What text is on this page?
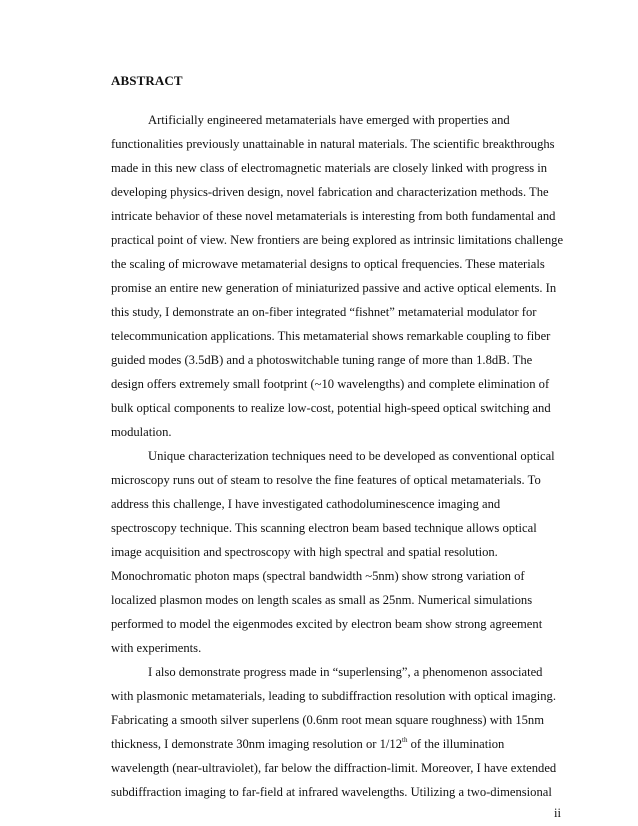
ABSTRACT
Artificially engineered metamaterials have emerged with properties and
functionalities previously unattainable in natural materials. The scientific breakthroughs
made in this new class of electromagnetic materials are closely linked with progress in
developing physics-driven design, novel fabrication and characterization methods. The
intricate behavior of these novel metamaterials is interesting from both fundamental and
practical point of view. New frontiers are being explored as intrinsic limitations challenge
the scaling of microwave metamaterial designs to optical frequencies. These materials
promise an entire new generation of miniaturized passive and active optical elements. In
this study, I demonstrate an on-fiber integrated “fishnet” metamaterial modulator for
telecommunication applications. This metamaterial shows remarkable coupling to fiber
guided modes (3.5dB) and a photoswitchable tuning range of more than 1.8dB. The
design offers extremely small footprint (~10 wavelengths) and complete elimination of
bulk optical components to realize low-cost, potential high-speed optical switching and
modulation.
Unique characterization techniques need to be developed as conventional optical
microscopy runs out of steam to resolve the fine features of optical metamaterials. To
address this challenge, I have investigated cathodoluminescence imaging and
spectroscopy technique. This scanning electron beam based technique allows optical
image acquisition and spectroscopy with high spectral and spatial resolution.
Monochromatic photon maps (spectral bandwidth ~5nm) show strong variation of
localized plasmon modes on length scales as small as 25nm. Numerical simulations
performed to model the eigenmodes excited by electron beam show strong agreement
with experiments.
I also demonstrate progress made in “superlensing”, a phenomenon associated
with plasmonic metamaterials, leading to subdiffraction resolution with optical imaging.
Fabricating a smooth silver superlens (0.6nm root mean square roughness) with 15nm
thickness, I demonstrate 30nm imaging resolution or 1/12th of the illumination
wavelength (near-ultraviolet), far below the diffraction-limit. Moreover, I have extended
subdiffraction imaging to far-field at infrared wavelengths. Utilizing a two-dimensional
ii
